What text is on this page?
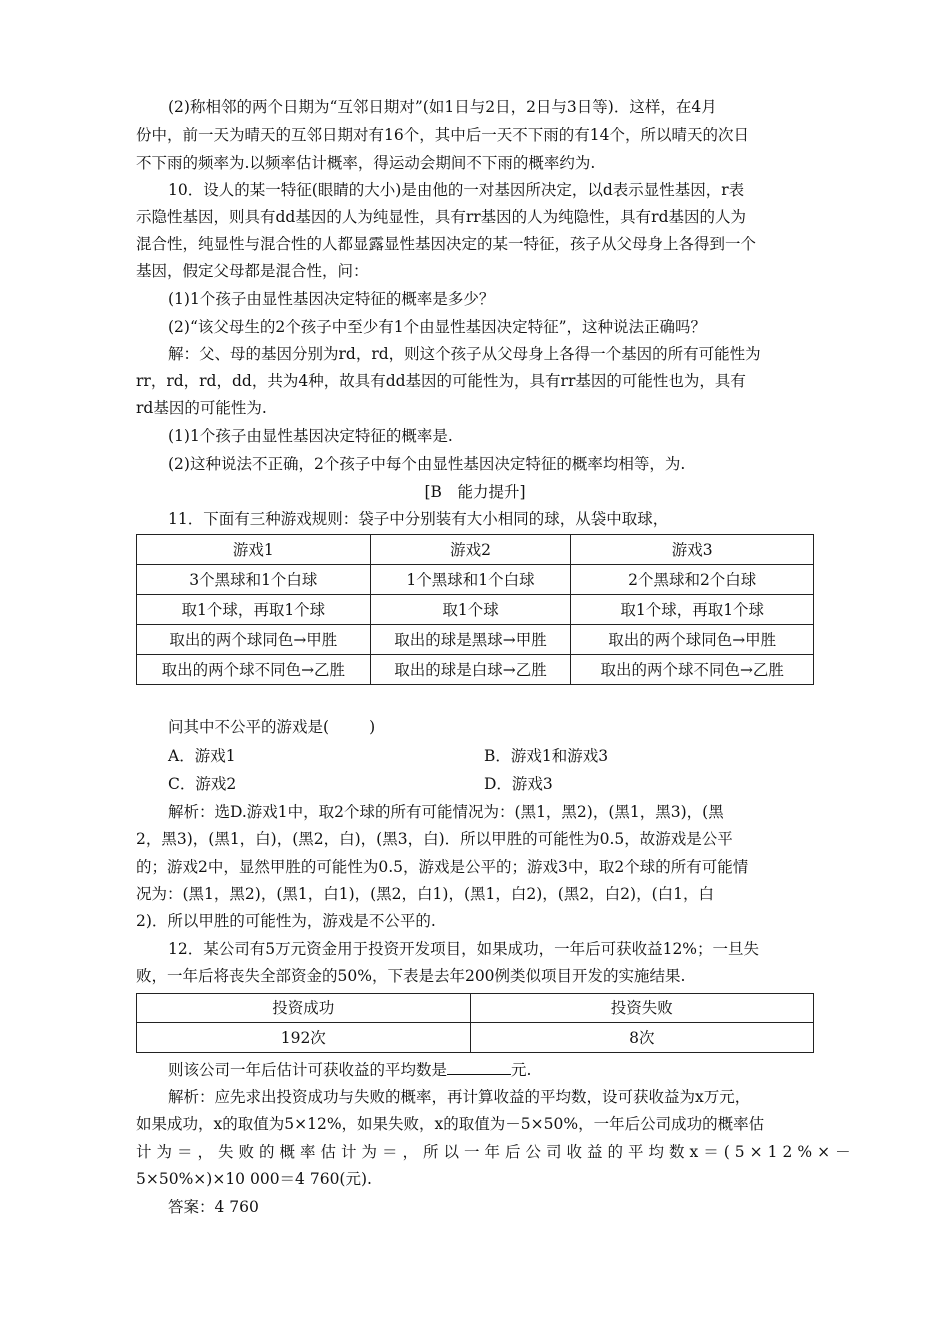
(2)称相邻的两个日期为“互邻日期对”(如1日与2日，2日与3日等)．这样，在4月
份中，前一天为晴天的互邻日期对有16个，其中后一天不下雨的有14个，所以晴天的次日
不下雨的频率为.以频率估计概率，得运动会期间不下雨的概率约为.
10．设人的某一特征(眼睛的大小)是由他的一对基因所决定，以d表示显性基因，r表
示隐性基因，则具有dd基因的人为纯显性，具有rr基因的人为纯隐性，具有rd基因的人为
混合性，纯显性与混合性的人都显露显性基因决定的某一特征，孩子从父母身上各得到一个
基因，假定父母都是混合性，问：
(1)1个孩子由显性基因决定特征的概率是多少？
(2)“该父母生的2个孩子中至少有1个由显性基因决定特征”，这种说法正确吗？
解：父、母的基因分别为rd，rd，则这个孩子从父母身上各得一个基因的所有可能性为
rr，rd，rd，dd，共为4种，故具有dd基因的可能性为，具有rr基因的可能性也为，具有
rd基因的可能性为.
(1)1个孩子由显性基因决定特征的概率是.
(2)这种说法不正确，2个孩子中每个由显性基因决定特征的概率均相等，为.
[B　能力提升]
11．下面有三种游戏规则：袋子中分别装有大小相同的球，从袋中取球，
游戏1	游戏2	游戏3
3个黑球和1个白球	1个黑球和1个白球	2个黑球和2个白球
取1个球，再取1个球	取1个球	取1个球，再取1个球
取出的两个球同色→甲胜	取出的球是黑球→甲胜	取出的两个球同色→甲胜
取出的两个球不同色→乙胜	取出的球是白球→乙胜	取出的两个球不同色→乙胜
问其中不公平的游戏是(	)
A．游戏1	B．游戏1和游戏3
C．游戏2	D．游戏3
解析：选D.游戏1中，取2个球的所有可能情况为：(黑1，黑2)，(黑1，黑3)，(黑
2，黑3)，(黑1，白)，(黑2，白)，(黑3，白)．所以甲胜的可能性为0.5，故游戏是公平
的；游戏2中，显然甲胜的可能性为0.5，游戏是公平的；游戏3中，取2个球的所有可能情
况为：(黑1，黑2)，(黑1，白1)，(黑2，白1)，(黑1，白2)，(黑2，白2)，(白1，白
2)．所以甲胜的可能性为，游戏是不公平的.
12．某公司有5万元资金用于投资开发项目，如果成功，一年后可获收益12%；一旦失
败，一年后将丧失全部资金的50%，下表是去年200例类似项目开发的实施结果.
投资成功	投资失败
192次	8次
则该公司一年后估计可获收益的平均数是	元.
解析：应先求出投资成功与失败的概率，再计算收益的平均数，设可获收益为x万元，
如果成功，x的取值为5×12%，如果失败，x的取值为－5×50%，一年后公司成功的概率估
计为＝，失败的概率估计为＝，所以一年后公司收益的平均数x＝(5×12%×－
5×50%×)×10 000＝4 760(元).
答案：4 760
